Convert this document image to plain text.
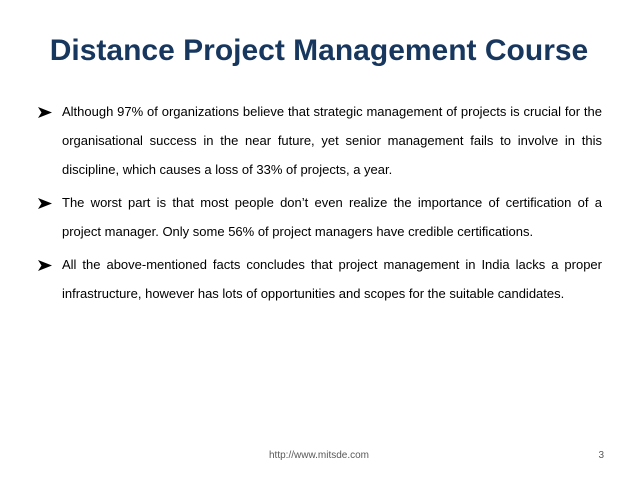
Distance Project Management Course
Although 97% of organizations believe that strategic management of projects is crucial for the organisational success in the near future, yet senior management fails to involve in this discipline, which causes a loss of 33% of projects, a year.
The worst part is that most people don’t even realize the importance of certification of a project manager. Only some 56% of project managers have credible certifications.
All the above-mentioned facts concludes that project management in India lacks a proper infrastructure, however has lots of opportunities and scopes for the suitable candidates.
http://www.mitsde.com	3
